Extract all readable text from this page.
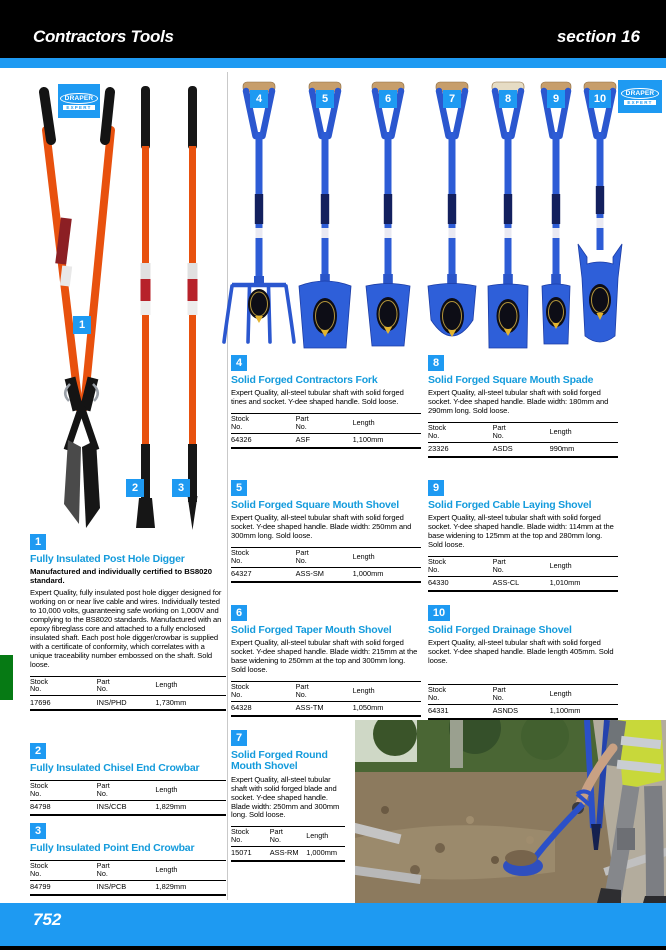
Contractors Tools	section 16
DRAPER
EXPERT
1
2	3
DRAPER
EXPERT
4	5	6	7	8	9	10
1
Fully Insulated Post Hole Digger

Manufactured and individually certified to BS8020 standard.

Expert Quality, fully insulated post hole digger designed for working on or near live cable and wires. Individually tested to 10,000 volts, guaranteeing safe working on 1,000V and complying to the BS8020 standards. Manufactured with an epoxy fibreglass core and attached to a fully enclosed insulated shaft. Each post hole digger/crowbar is supplied with a certificate of conformity, which correlates with a unique traceability number embossed on the shaft. Sold loose.

Stock No.	Part No.	Length
17696	INS/PHD	1,730mm
2
Fully Insulated Chisel End Crowbar
Stock No.	Part No.	Length
84798	INS/CCB	1,829mm
3
Fully Insulated Point End Crowbar
Stock No.	Part No.	Length
84799	INS/PCB	1,829mm
4
Solid Forged Contractors Fork

Expert Quality, all-steel tubular shaft with solid forged tines and socket. Y-dee shaped handle. Sold loose.

Stock No.	Part No.	Length
64326	ASF	1,100mm
5
Solid Forged Square Mouth Shovel

Expert Quality, all-steel tubular shaft with solid forged socket. Y-dee shaped handle. Blade width: 250mm and 300mm long. Sold loose.

Stock No.	Part No.	Length
64327	ASS-SM	1,000mm
6
Solid Forged Taper Mouth Shovel

Expert Quality, all-steel tubular shaft with solid forged socket. Y-dee shaped handle. Blade width: 215mm at the base widening to 250mm at the top and 300mm long. Sold loose.

Stock No.	Part No.	Length
64328	ASS-TM	1,050mm
7
Solid Forged Round Mouth Shovel

Expert Quality, all-steel tubular shaft with solid forged blade and socket. Y-dee shaped handle. Blade width: 250mm and 300mm long. Sold loose.

Stock No.	Part No.	Length
15071	ASS-RM	1,000mm
8
Solid Forged Square Mouth Spade

Expert Quality, all-steel tubular shaft with solid forged socket. Y-dee shaped handle. Blade width: 180mm and 290mm long. Sold loose.

Stock No.	Part No.	Length
23326	ASDS	990mm
9
Solid Forged Cable Laying Shovel

Expert Quality, all-steel tubular shaft with solid forged socket. Y-dee shaped handle. Blade width: 114mm at the base widening to 125mm at the top and 280mm long. Sold loose.

Stock No.	Part No.	Length
64330	ASS-CL	1,010mm
10
Solid Forged Drainage Shovel

Expert Quality, all-steel tubular shaft with solid forged socket. Y-dee shaped handle. Blade length 405mm. Sold loose.

Stock No.	Part No.	Length
64331	ASNDS	1,100mm
752
